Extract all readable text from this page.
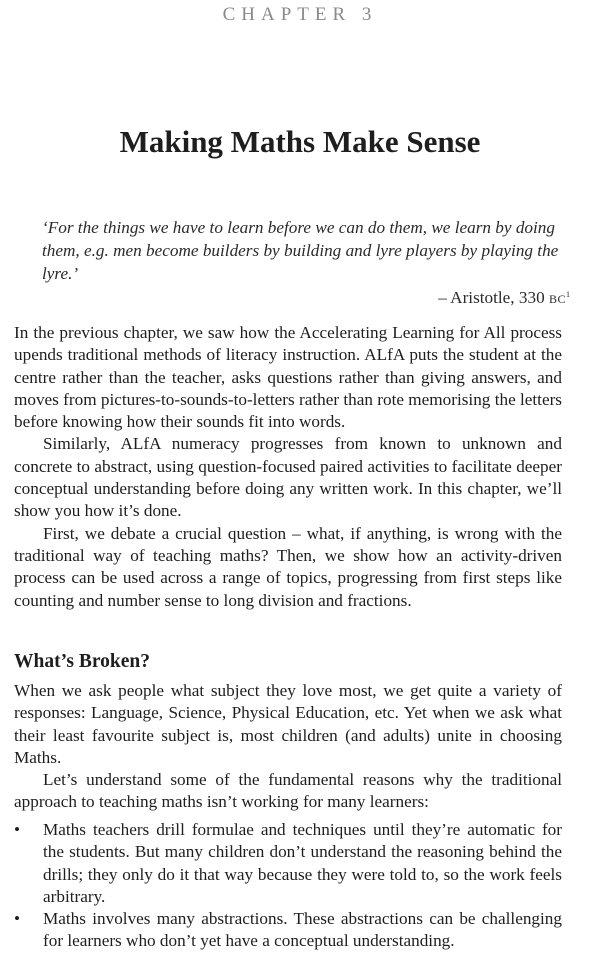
CHAPTER 3
Making Maths Make Sense
‘For the things we have to learn before we can do them, we learn by doing them, e.g. men become builders by building and lyre players by playing the lyre.’
– Aristotle, 330 $BC^1$

In the previous chapter, we saw how the Accelerating Learning for All process upends traditional methods of literacy instruction. ALfA puts the student at the centre rather than the teacher, asks questions rather than giving answers, and moves from pictures-to-sounds-to-letters rather than rote memorising the letters before knowing how their sounds fit into words.

Similarly, ALfA numeracy progresses from known to unknown and concrete to abstract, using question-focused paired activities to facilitate deeper conceptual understanding before doing any written work. In this chapter, we’ll show you how it’s done.

First, we debate a crucial question – what, if anything, is wrong with the traditional way of teaching maths? Then, we show how an activity-driven process can be used across a range of topics, progressing from first steps like counting and number sense to long division and fractions.

What’s Broken?

When we ask people what subject they love most, we get quite a variety of responses: Language, Science, Physical Education, etc. Yet when we ask what their least favourite subject is, most children (and adults) unite in choosing Maths.

Let’s understand some of the fundamental reasons why the traditional approach to teaching maths isn’t working for many learners:

• Maths teachers drill formulae and techniques until they’re automatic for the students. But many children don’t understand the reasoning behind the drills; they only do it that way because they were told to, so the work feels arbitrary.
• Maths involves many abstractions. These abstractions can be challenging for learners who don’t yet have a conceptual understanding.
